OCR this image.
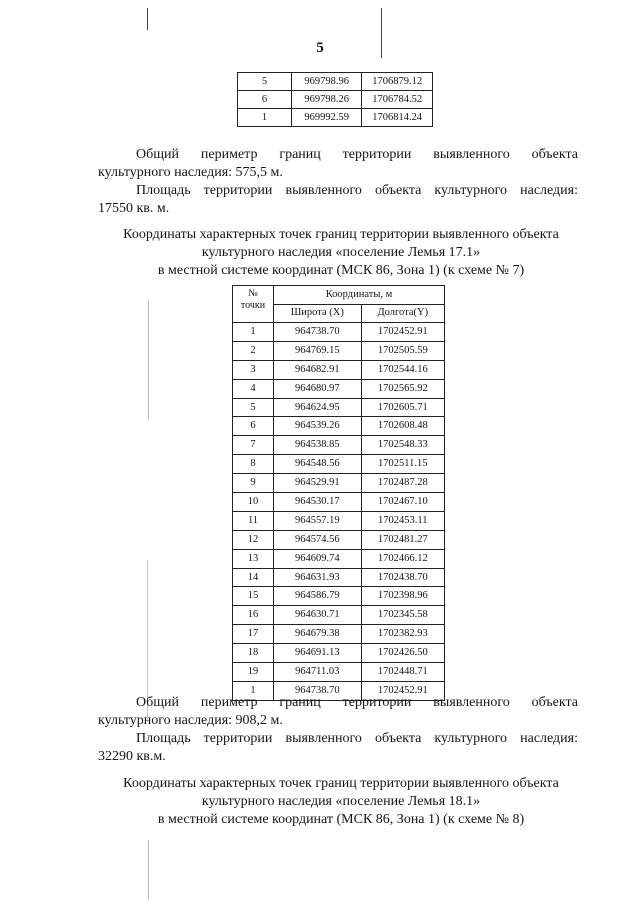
5
5	969798.96	1706879.12
6	969798.26	1706784.52
1	969992.59	1706814.24
Общий периметр границ территории выявленного объекта
культурного наследия: 575,5 м.
Площадь территории выявленного объекта культурного наследия:
17550 кв. м.
Координаты характерных точек границ территории выявленного объекта
культурного наследия «поселение Лемья 17.1»
в местной системе координат (МСК 86, Зона 1) (к схеме № 7)
№
точки	Координаты, м	
	Широта (X)	Долгота(Y)
1	964738.70	1702452.91
2	964769.15	1702505.59
3	964682.91	1702544.16
4	964680.97	1702565.92
5	964624.95	1702605.71
6	964539.26	1702608.48
7	964538.85	1702548.33
8	964548.56	1702511.15
9	964529.91	1702487.28
10	964530.17	1702467.10
11	964557.19	1702453.11
12	964574.56	1702481.27
13	964609.74	1702466.12
14	964631.93	1702438.70
15	964586.79	1702398.96
16	964630.71	1702345.58
17	964679.38	1702382.93
18	964691.13	1702426.50
19	964711.03	1702448.71
1	964738.70	1702452.91
Общий периметр границ территории выявленного объекта
культурного наследия: 908,2 м.
Площадь территории выявленного объекта культурного наследия:
32290 кв.м.
Координаты характерных точек границ территории выявленного объекта
культурного наследия «поселение Лемья 18.1»
в местной системе координат (МСК 86, Зона 1) (к схеме № 8)
